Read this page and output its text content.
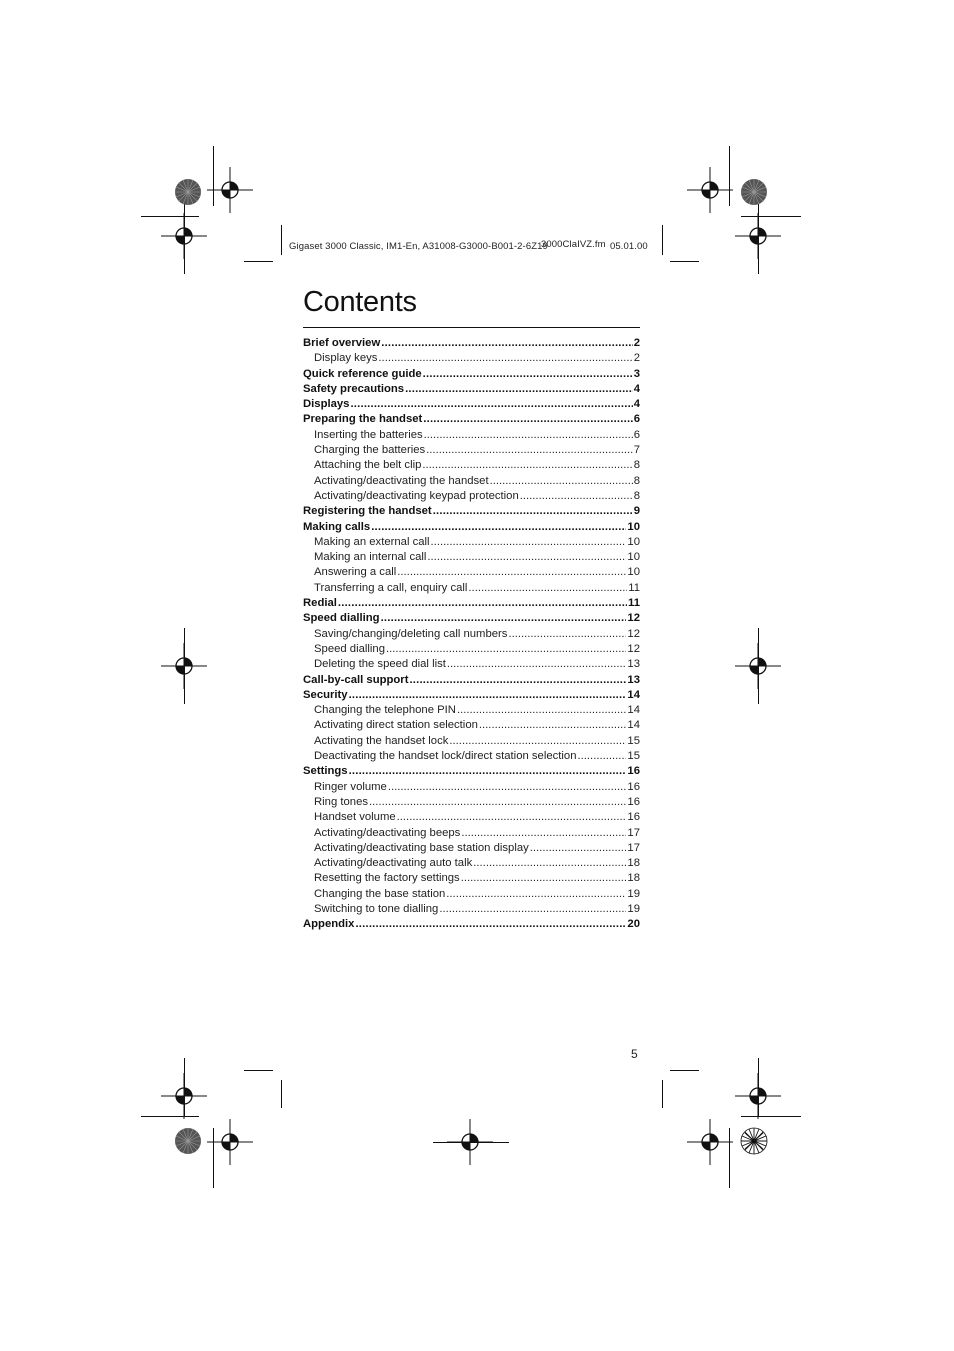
Gigaset 3000 Classic, IM1-En, A31008-G3000-B001-2-6Z19
3000ClaIVZ.fm 05.01.00
Contents
Brief overview .....	2
Display keys .....	2
Quick reference guide .....	3
Safety precautions .....	4
Displays .....	4
Preparing the handset .....	6
Inserting the batteries .....	6
Charging the batteries .....	7
Attaching the belt clip .....	8
Activating/deactivating the handset .....	8
Activating/deactivating keypad protection .....	8
Registering the handset .....	9
Making calls .....	10
Making an external call .....	10
Making an internal call .....	10
Answering a call .....	10
Transferring a call, enquiry call .....	11
Redial .....	11
Speed dialling .....	12
Saving/changing/deleting call numbers .....	12
Speed dialling .....	12
Deleting the speed dial list .....	13
Call-by-call support .....	13
Security .....	14
Changing the telephone PIN .....	14
Activating direct station selection .....	14
Activating the handset lock .....	15
Deactivating the handset lock/direct station selection .....	15
Settings .....	16
Ringer volume .....	16
Ring tones .....	16
Handset volume .....	16
Activating/deactivating beeps .....	17
Activating/deactivating base station display .....	17
Activating/deactivating auto talk .....	18
Resetting the factory settings .....	18
Changing the base station .....	19
Switching to tone dialling .....	19
Appendix .....	20
5
